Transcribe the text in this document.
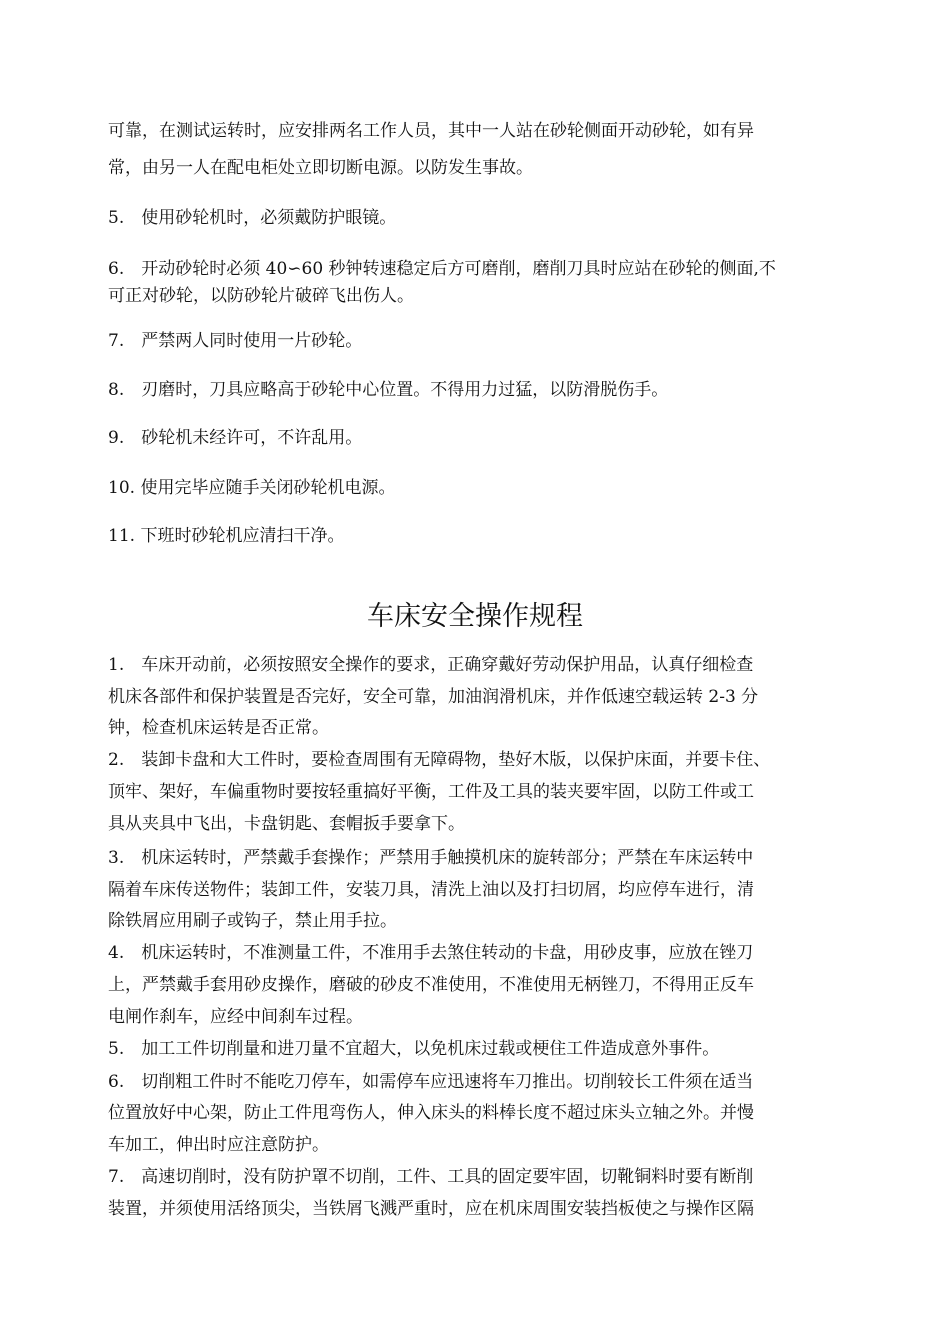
可靠，在测试运转时，应安排两名工作人员，其中一人站在砂轮侧面开动砂轮，如有异
常，由另一人在配电柜处立即切断电源。以防发生事故。
5.　使用砂轮机时，必须戴防护眼镜。
6.　开动砂轮时必须 40∽60 秒钟转速稳定后方可磨削，磨削刀具时应站在砂轮的侧面,不
可正对砂轮，以防砂轮片破碎飞出伤人。
7.　严禁两人同时使用一片砂轮。
8.　刃磨时，刀具应略高于砂轮中心位置。不得用力过猛，以防滑脱伤手。
9.　砂轮机未经许可，不许乱用。
10. 使用完毕应随手关闭砂轮机电源。
11. 下班时砂轮机应清扫干净。
车床安全操作规程
1.　车床开动前，必须按照安全操作的要求，正确穿戴好劳动保护用品，认真仔细检查
机床各部件和保护装置是否完好，安全可靠，加油润滑机床，并作低速空载运转 2-3 分
钟，检查机床运转是否正常。
2.　装卸卡盘和大工件时，要检查周围有无障碍物，垫好木版，以保护床面，并要卡住、
顶牢、架好，车偏重物时要按轻重搞好平衡，工件及工具的装夹要牢固，以防工件或工
具从夹具中飞出，卡盘钥匙、套帽扳手要拿下。
3.　机床运转时，严禁戴手套操作；严禁用手触摸机床的旋转部分；严禁在车床运转中
隔着车床传送物件；装卸工件，安装刀具，清洗上油以及打扫切屑，均应停车进行，清
除铁屑应用刷子或钩子，禁止用手拉。
4.　机床运转时，不准测量工件，不准用手去煞住转动的卡盘，用砂皮事，应放在锉刀
上，严禁戴手套用砂皮操作，磨破的砂皮不准使用，不准使用无柄锉刀，不得用正反车
电闸作刹车，应经中间刹车过程。
5.　加工工件切削量和进刀量不宜超大，以免机床过载或梗住工件造成意外事件。
6.　切削粗工件时不能吃刀停车，如需停车应迅速将车刀推出。切削较长工件须在适当
位置放好中心架，防止工件甩弯伤人，伸入床头的料棒长度不超过床头立轴之外。并慢
车加工，伸出时应注意防护。
7.　高速切削时，没有防护罩不切削，工件、工具的固定要牢固，切靴铜料时要有断削
装置，并须使用活络顶尖，当铁屑飞溅严重时，应在机床周围安装挡板使之与操作区隔
